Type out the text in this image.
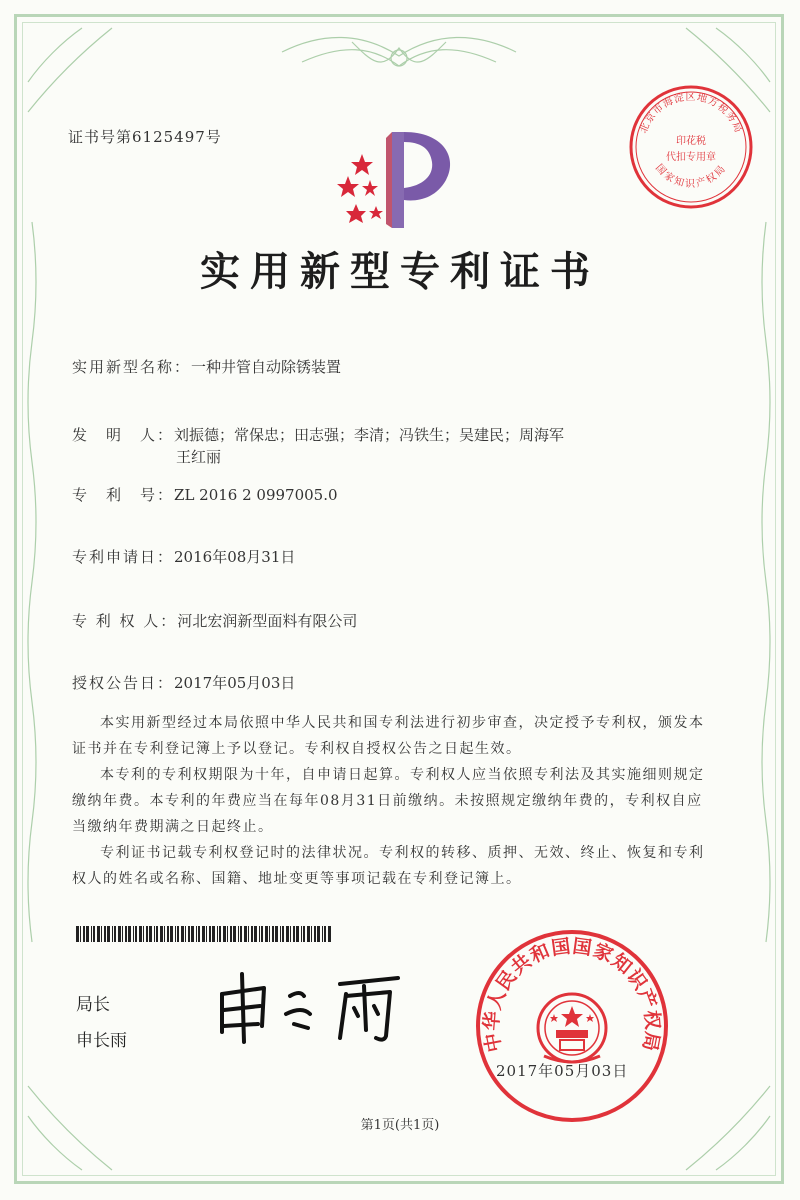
证书号第6125497号
北京市海淀区地方税务局
印花税
代扣专用章
国家知识产权局
实用新型专利证书
实用新型名称：一种井管自动除锈装置
发　明　人：刘振德；常保忠；田志强；李清；冯铁生；吴建民；周海军
王红丽
专　利　号：ZL 2016 2 0997005.0
专利申请日：2016年08月31日
专 利 权 人：河北宏润新型面料有限公司
授权公告日：2017年05月03日
本实用新型经过本局依照中华人民共和国专利法进行初步审查，决定授予专利权，颁发本证书并在专利登记簿上予以登记。专利权自授权公告之日起生效。
本专利的专利权期限为十年，自申请日起算。专利权人应当依照专利法及其实施细则规定缴纳年费。本专利的年费应当在每年08月31日前缴纳。未按照规定缴纳年费的，专利权自应当缴纳年费期满之日起终止。
专利证书记载专利权登记时的法律状况。专利权的转移、质押、无效、终止、恢复和专利权人的姓名或名称、国籍、地址变更等事项记载在专利登记簿上。
局长
申长雨	中华人民共和国国家知识产权局
2017年05月03日
第1页(共1页)
